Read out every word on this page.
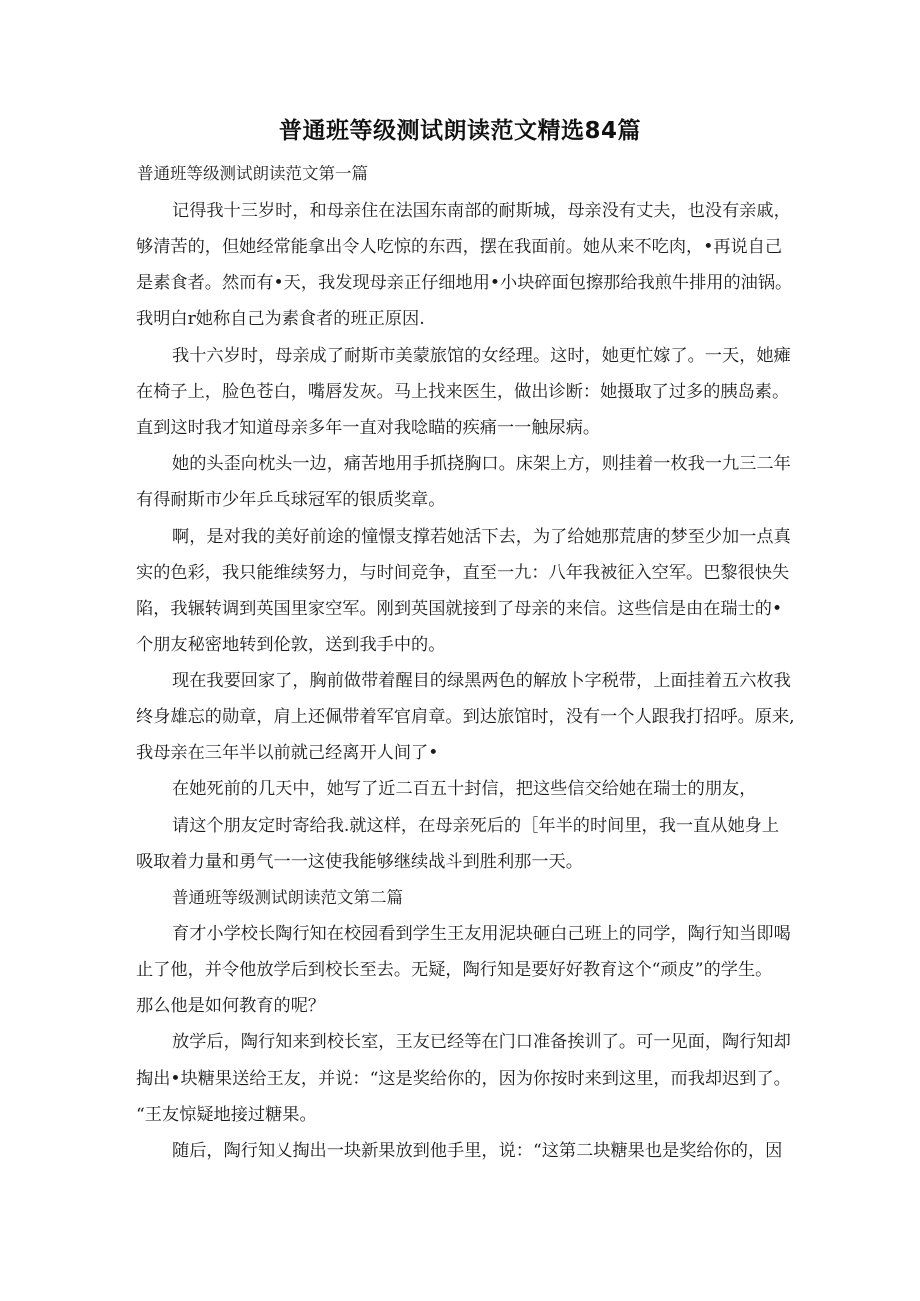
普通班等级测试朗读范文精选84篇
普通班等级测试朗读范文第一篇
记得我十三岁时，和母亲住在法国东南部的耐斯城，母亲没有丈夫，也没有亲戚，
够清苦的，但她经常能拿出令人吃惊的东西，摆在我面前。她从来不吃肉，•再说自己
是素食者。然而有•天，我发现母亲正仔细地用•小块碎面包擦那给我煎牛排用的油锅。
我明白r她称自己为素食者的班正原因.
我十六岁时，母亲成了耐斯市美蒙旅馆的女经理。这时，她更忙嫁了。一天，她瘫
在椅子上，脸色苍白，嘴唇发灰。马上找来医生，做出诊断：她摄取了过多的胰岛素。
直到这时我才知道母亲多年一直对我唸瞄的疾痛一一触尿病。
她的头歪向枕头一边，痛苦地用手抓挠胸口。床架上方，则挂着一枚我一九三二年
有得耐斯市少年乒乓球冠军的银质奖章。
啊，是对我的美好前途的憧憬支撑若她活下去，为了给她那荒唐的梦至少加一点真
实的色彩，我只能维续努力，与时间竞争，直至一九：八年我被征入空军。巴黎很快失
陷，我辗转调到英国里家空军。刚到英国就接到了母亲的来信。这些信是由在瑞士的•
个朋友秘密地转到伦敦，送到我手中的。
现在我要回家了，胸前做带着醒目的绿黑两色的解放卜字税带，上面挂着五六枚我
终身雄忘的勋章，肩上还佩带着军官肩章。到达旅馆时，没有一个人跟我打招呼。原来,
我母亲在三年半以前就己经离开人间了•
在她死前的几天中，她写了近二百五十封信，把这些信交给她在瑞士的朋友，
请这个朋友定时寄给我.就这样，在母亲死后的［年半的时间里，我一直从她身上
吸取着力量和勇气一一这使我能够继续战斗到胜利那一天。
普通班等级测试朗读范文第二篇
育才小学校长陶行知在校园看到学生王友用泥块砸白己班上的同学，陶行知当即喝
止了他，并令他放学后到校长至去。无疑，陶行知是要好好教育这个“顽皮”的学生。
那么他是如何教育的呢？
放学后，陶行知来到校长室，王友已经等在门口准备挨训了。可一见面，陶行知却
掏出•块糖果送给王友，并说：“这是奖给你的，因为你按时来到这里，而我却迟到了。
“王友惊疑地接过糖果。
随后，陶行知乂掏出一块新果放到他手里，说：“这第二块糖果也是奖给你的，因
